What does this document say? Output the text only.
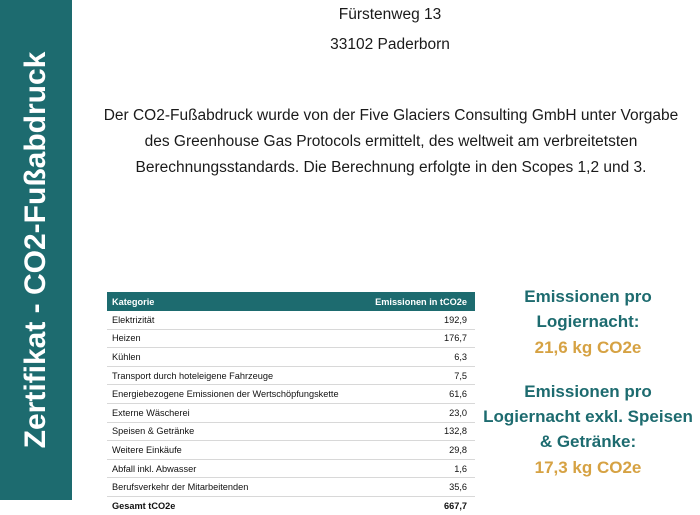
Zertifikat - CO2-Fußabdruck
Fürstenweg 13
33102 Paderborn
Der CO2-Fußabdruck wurde von der Five Glaciers Consulting GmbH unter Vorgabe des Greenhouse Gas Protocols ermittelt, des weltweit am verbreitetsten Berechnungsstandards. Die Berechnung erfolgte in den Scopes 1,2 und 3.
Kategorie	Emissionen in tCO2e
Elektrizität	192,9
Heizen	176,7
Kühlen	6,3
Transport durch hoteleigene Fahrzeuge	7,5
Energiebezogene Emissionen der Wertschöpfungskette	61,6
Externe Wäscherei	23,0
Speisen & Getränke	132,8
Weitere Einkäufe	29,8
Abfall inkl. Abwasser	1,6
Berufsverkehr der Mitarbeitenden	35,6
Gesamt tCO2e	667,7
Emissionen pro Logiernacht:
21,6 kg CO2e
Emissionen pro Logiernacht exkl. Speisen & Getränke:
17,3 kg CO2e
